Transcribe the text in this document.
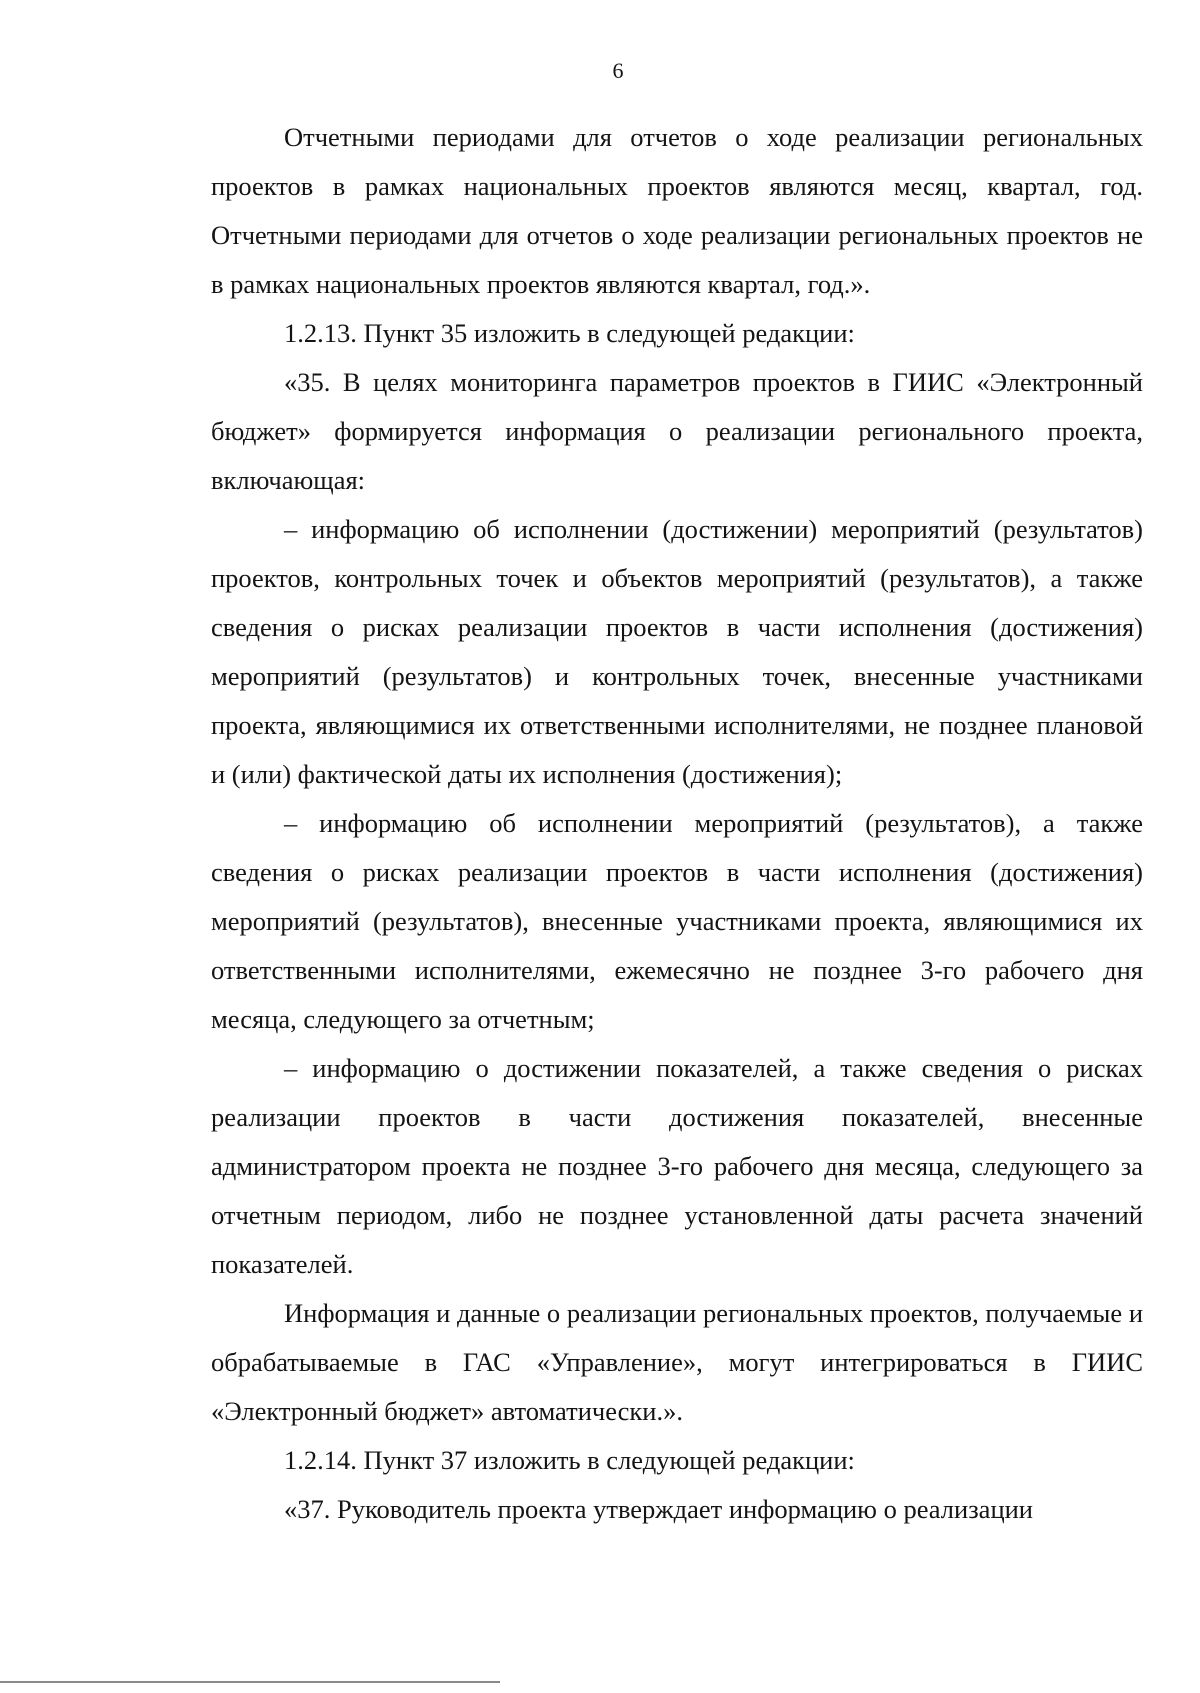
6

Отчетными периодами для отчетов о ходе реализации региональных проектов в рамках национальных проектов являются месяц, квартал, год. Отчетными периодами для отчетов о ходе реализации региональных проектов не в рамках национальных проектов являются квартал, год.».

1.2.13. Пункт 35 изложить в следующей редакции:

«35. В целях мониторинга параметров проектов в ГИИС «Электронный бюджет» формируется информация о реализации регионального проекта, включающая:

– информацию об исполнении (достижении) мероприятий (результатов) проектов, контрольных точек и объектов мероприятий (результатов), а также сведения о рисках реализации проектов в части исполнения (достижения) мероприятий (результатов) и контрольных точек, внесенные участниками проекта, являющимися их ответственными исполнителями, не позднее плановой и (или) фактической даты их исполнения (достижения);

– информацию об исполнении мероприятий (результатов), а также сведения о рисках реализации проектов в части исполнения (достижения) мероприятий (результатов), внесенные участниками проекта, являющимися их ответственными исполнителями, ежемесячно не позднее 3-го рабочего дня месяца, следующего за отчетным;

– информацию о достижении показателей, а также сведения о рисках реализации проектов в части достижения показателей, внесенные администратором проекта не позднее 3-го рабочего дня месяца, следующего за отчетным периодом, либо не позднее установленной даты расчета значений показателей.

Информация и данные о реализации региональных проектов, получаемые и обрабатываемые в ГАС «Управление», могут интегрироваться в ГИИС «Электронный бюджет» автоматически.».

1.2.14. Пункт 37 изложить в следующей редакции:

«37. Руководитель проекта утверждает информацию о реализации
